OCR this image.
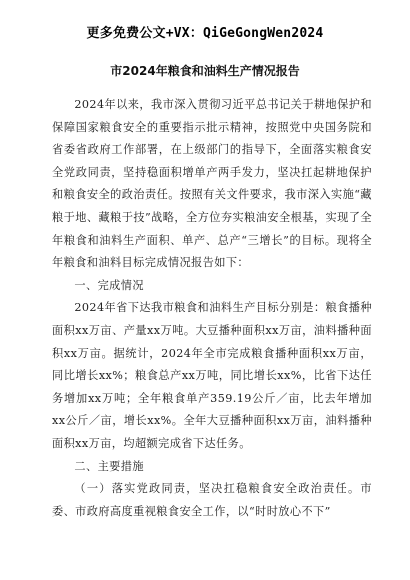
更多免费公文+VX：QiGeGongWen2024
市2024年粮食和油料生产情况报告

2024年以来，我市深入贯彻习近平总书记关于耕地保护和保障国家粮食安全的重要指示批示精神，按照党中央国务院和省委省政府工作部署，在上级部门的指导下，全面落实粮食安全党政同责，坚持稳面积增单产两手发力，坚决扛起耕地保护和粮食安全的政治责任。按照有关文件要求，我市深入实施“藏粮于地、藏粮于技”战略，全方位夯实粮油安全根基，实现了全年粮食和油料生产面积、单产、总产“三增长”的目标。现将全年粮食和油料目标完成情况报告如下：

一、完成情况

2024年省下达我市粮食和油料生产目标分别是：粮食播种面积xx万亩、产量xx万吨。大豆播种面积xx万亩，油料播种面积xx万亩。据统计，2024年全市完成粮食播种面积xx万亩，同比增长xx%；粮食总产xx万吨，同比增长xx%，比省下达任务增加xx万吨；全年粮食单产359.19公斤／亩，比去年增加xx公斤／亩，增长xx%。全年大豆播种面积xx万亩，油料播种面积xx万亩，均超额完成省下达任务。

二、主要措施

（一）落实党政同责，坚决扛稳粮食安全政治责任。市委、市政府高度重视粮食安全工作，以“时时放心不下”
